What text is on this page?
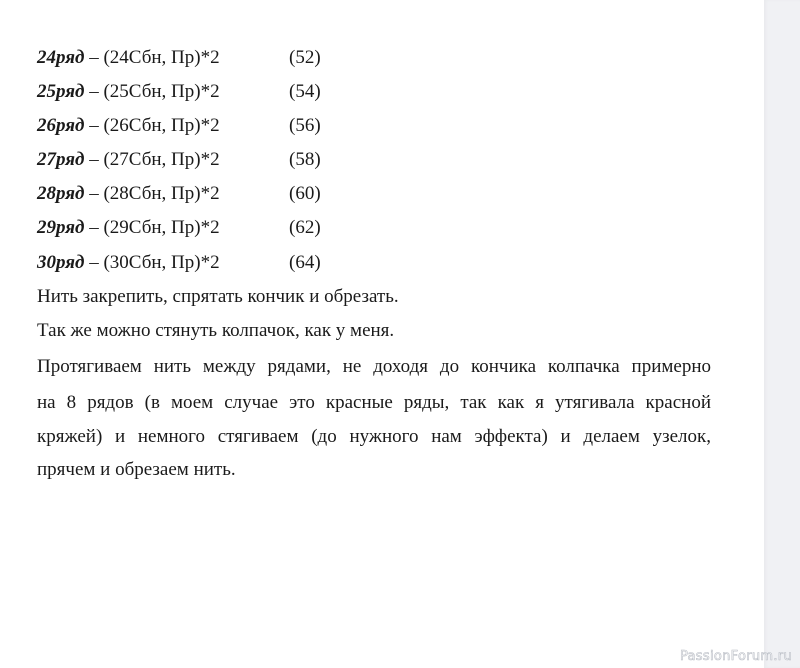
24ряд – (24Сбн, Пр)*2	(52)
25ряд – (25Сбн, Пр)*2	(54)
26ряд – (26Сбн, Пр)*2	(56)
27ряд – (27Сбн, Пр)*2	(58)
28ряд – (28Сбн, Пр)*2	(60)
29ряд – (29Сбн, Пр)*2	(62)
30ряд – (30Сбн, Пр)*2	(64)
Нить закрепить, спрятать кончик и обрезать.
Так же можно стянуть колпачок, как у меня.
Протягиваем нить между рядами, не доходя до кончика колпачка примерно
на 8 рядов (в моем случае это красные ряды, так как я утягивала красной
кряжей) и немного стягиваем (до нужного нам эффекта) и делаем узелок,
прячем и обрезаем нить.
PassionForum.ru
